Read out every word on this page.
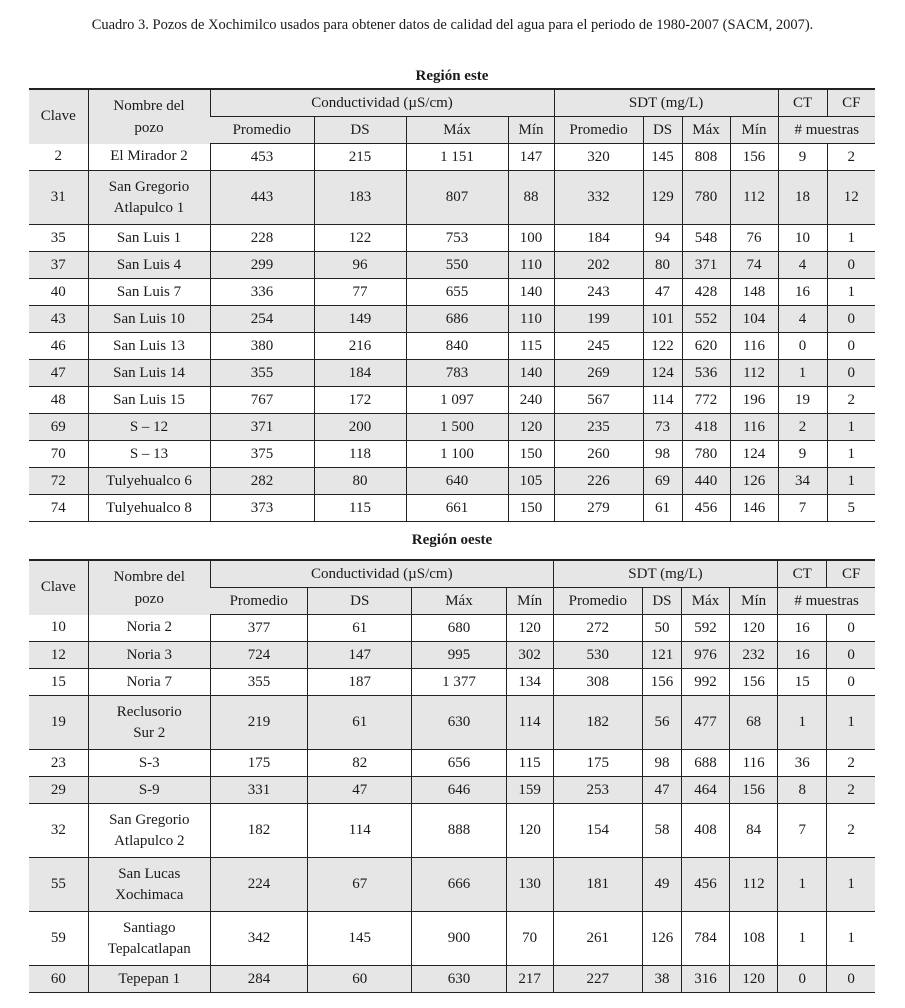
Cuadro 3. Pozos de Xochimilco usados para obtener datos de calidad del agua para el periodo de 1980-2007 (SACM, 2007).
Región este
Clave	Nombre del
pozo	Conductividad (µS/cm)				SDT (mg/L)				CT	CF
		Promedio	DS	Máx	Mín	Promedio	DS	Máx	Mín	# muestras	
2	El Mirador 2	453	215	1 151	147	320	145	808	156	9	2
31	San Gregorio
Atlapulco 1	443	183	807	88	332	129	780	112	18	12
35	San Luis 1	228	122	753	100	184	94	548	76	10	1
37	San Luis 4	299	96	550	110	202	80	371	74	4	0
40	San Luis 7	336	77	655	140	243	47	428	148	16	1
43	San Luis 10	254	149	686	110	199	101	552	104	4	0
46	San Luis 13	380	216	840	115	245	122	620	116	0	0
47	San Luis 14	355	184	783	140	269	124	536	112	1	0
48	San Luis 15	767	172	1 097	240	567	114	772	196	19	2
69	S – 12	371	200	1 500	120	235	73	418	116	2	1
70	S – 13	375	118	1 100	150	260	98	780	124	9	1
72	Tulyehualco 6	282	80	640	105	226	69	440	126	34	1
74	Tulyehualco 8	373	115	661	150	279	61	456	146	7	5
Región oeste
Clave	Nombre del
pozo	Conductividad (µS/cm)				SDT (mg/L)				CT	CF
		Promedio	DS	Máx	Mín	Promedio	DS	Máx	Mín	# muestras	
10	Noria 2	377	61	680	120	272	50	592	120	16	0
12	Noria 3	724	147	995	302	530	121	976	232	16	0
15	Noria 7	355	187	1 377	134	308	156	992	156	15	0
19	Reclusorio
Sur 2	219	61	630	114	182	56	477	68	1	1
23	S-3	175	82	656	115	175	98	688	116	36	2
29	S-9	331	47	646	159	253	47	464	156	8	2
32	San Gregorio
Atlapulco 2	182	114	888	120	154	58	408	84	7	2
55	San Lucas
Xochimaca	224	67	666	130	181	49	456	112	1	1
59	Santiago
Tepalcatlapan	342	145	900	70	261	126	784	108	1	1
60	Tepepan 1	284	60	630	217	227	38	316	120	0	0
